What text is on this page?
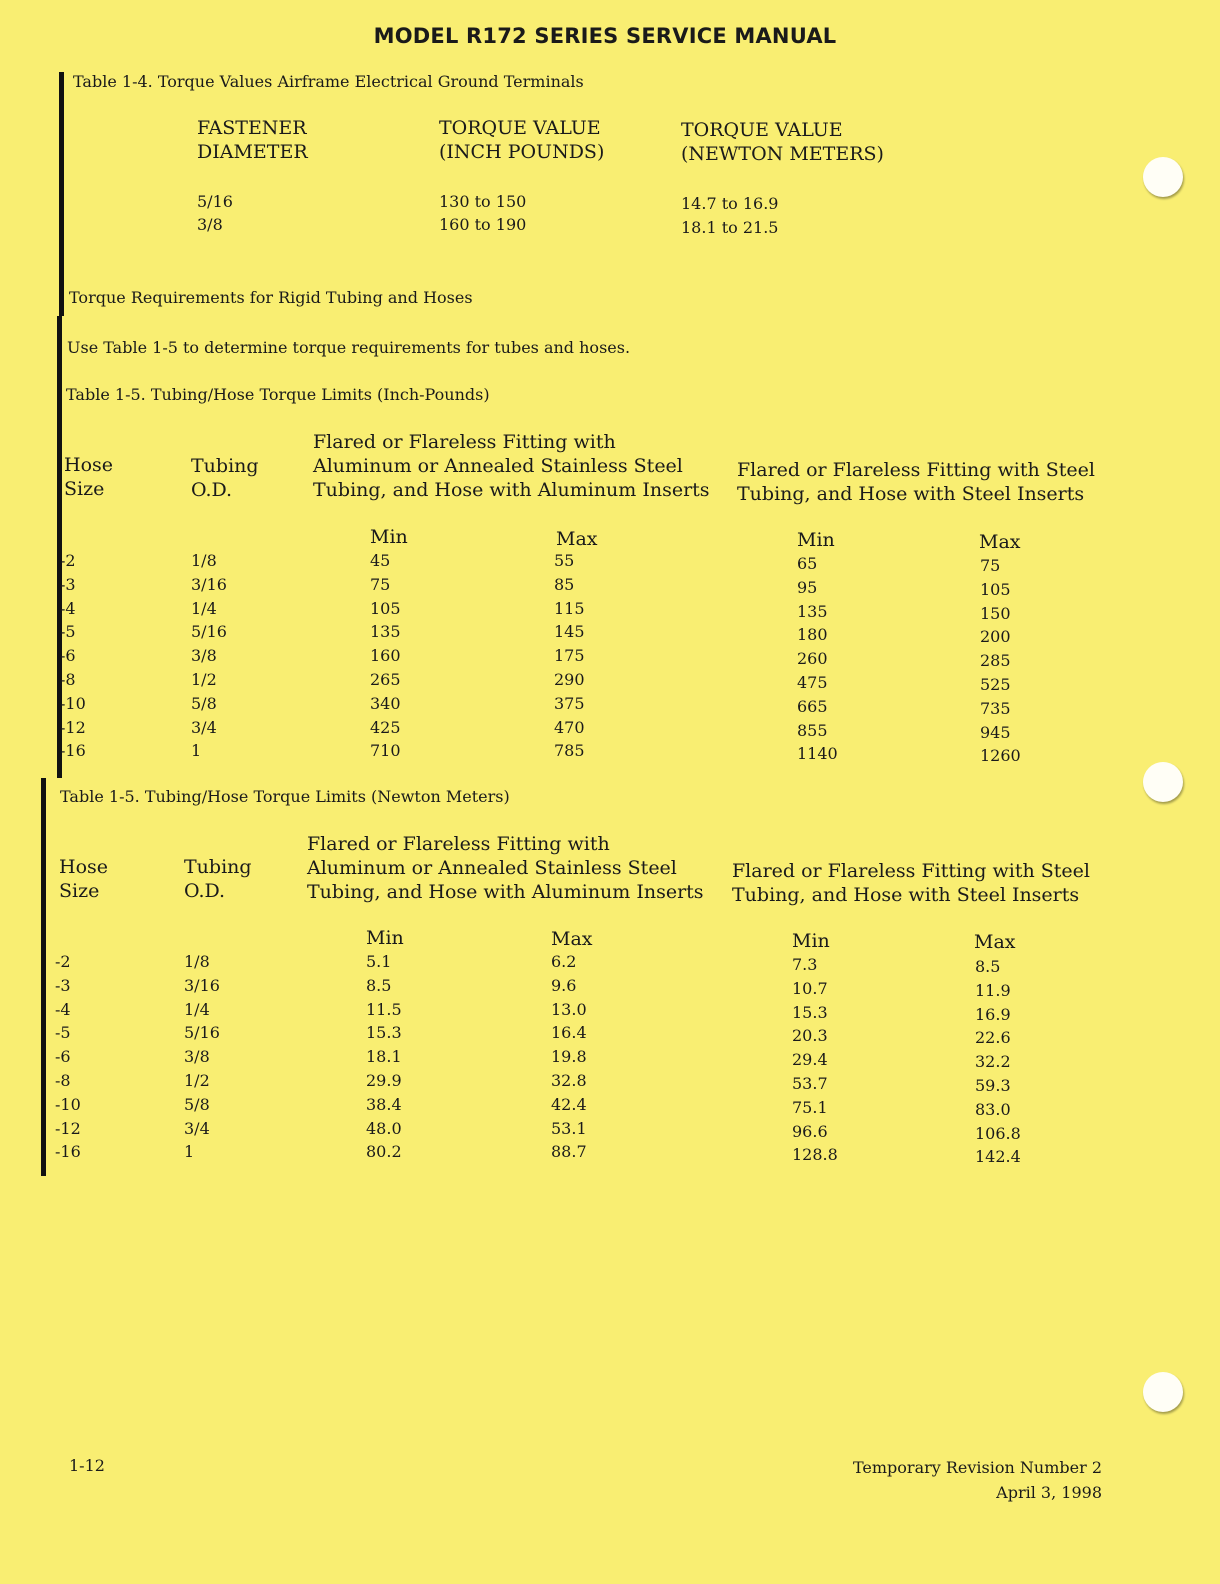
MODEL R172 SERIES SERVICE MANUAL
Table 1-4. Torque Values Airframe Electrical Ground Terminals
FASTENER
DIAMETER
TORQUE VALUE
(INCH POUNDS)
TORQUE VALUE
(NEWTON METERS)
5/16	130 to 150	14.7 to 16.9
3/8	160 to 190	18.1 to 21.5
Torque Requirements for Rigid Tubing and Hoses
Use Table 1-5 to determine torque requirements for tubes and hoses.
Table 1-5. Tubing/Hose Torque Limits (Inch-Pounds)
Hose
Size
Tubing
O.D.
Flared or Flareless Fitting with
Aluminum or Annealed Stainless Steel
Tubing, and Hose with Aluminum Inserts
Flared or Flareless Fitting with Steel
Tubing, and Hose with Steel Inserts
Min	Max	Min	Max
-2	1/8	45	55	65	75
-3	3/16	75	85	95	105
-4	1/4	105	115	135	150
-5	5/16	135	145	180	200
-6	3/8	160	175	260	285
-8	1/2	265	290	475	525
-10	5/8	340	375	665	735
-12	3/4	425	470	855	945
-16	1	710	785	1140	1260
Table 1-5. Tubing/Hose Torque Limits (Newton Meters)
Hose
Size
Tubing
O.D.
Flared or Flareless Fitting with
Aluminum or Annealed Stainless Steel
Tubing, and Hose with Aluminum Inserts
Flared or Flareless Fitting with Steel
Tubing, and Hose with Steel Inserts
Min	Max	Min	Max
-2	1/8	5.1	6.2	7.3	8.5
-3	3/16	8.5	9.6	10.7	11.9
-4	1/4	11.5	13.0	15.3	16.9
-5	5/16	15.3	16.4	20.3	22.6
-6	3/8	18.1	19.8	29.4	32.2
-8	1/2	29.9	32.8	53.7	59.3
-10	5/8	38.4	42.4	75.1	83.0
-12	3/4	48.0	53.1	96.6	106.8
-16	1	80.2	88.7	128.8	142.4
1-12	Temporary Revision Number 2
April 3, 1998
